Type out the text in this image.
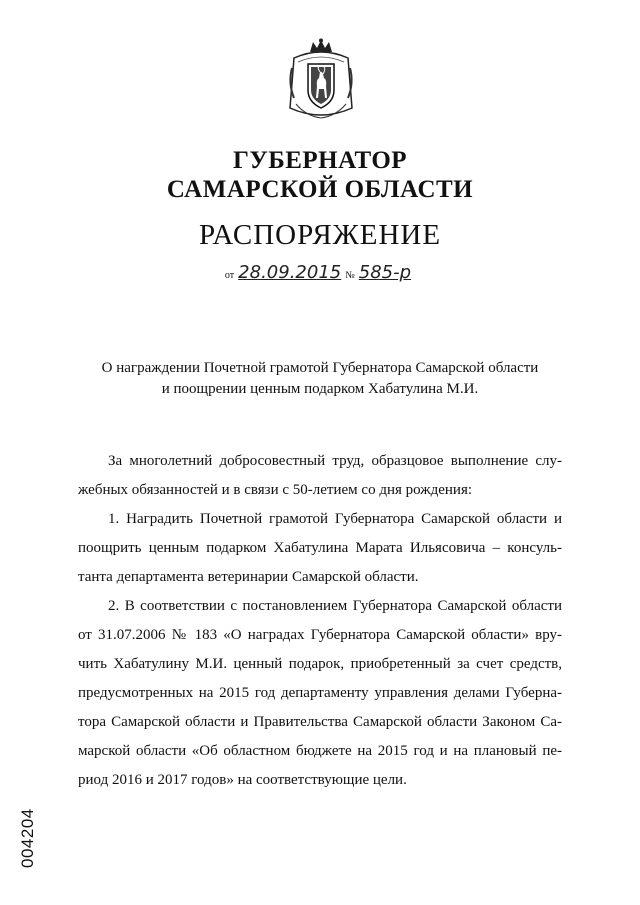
ГУБЕРНАТОР
САМАРСКОЙ ОБЛАСТИ
РАСПОРЯЖЕНИЕ
от 28.09.2015 № 585-р
О награждении Почетной грамотой Губернатора Самарской области
и поощрении ценным подарком Хабатулина М.И.
За многолетний добросовестный труд, образцовое выполнение слу-
жебных обязанностей и в связи с 50-летием со дня рождения:
1. Наградить Почетной грамотой Губернатора Самарской области и
поощрить ценным подарком Хабатулина Марата Ильясовича – консуль-
танта департамента ветеринарии Самарской области.
2. В соответствии с постановлением Губернатора Самарской области
от 31.07.2006 № 183 «О наградах Губернатора Самарской области» вру-
чить Хабатулину М.И. ценный подарок, приобретенный за счет средств,
предусмотренных на 2015 год департаменту управления делами Губерна-
тора Самарской области и Правительства Самарской области Законом Са-
марской области «Об областном бюджете на 2015 год и на плановый пе-
риод 2016 и 2017 годов» на соответствующие цели.
004204
